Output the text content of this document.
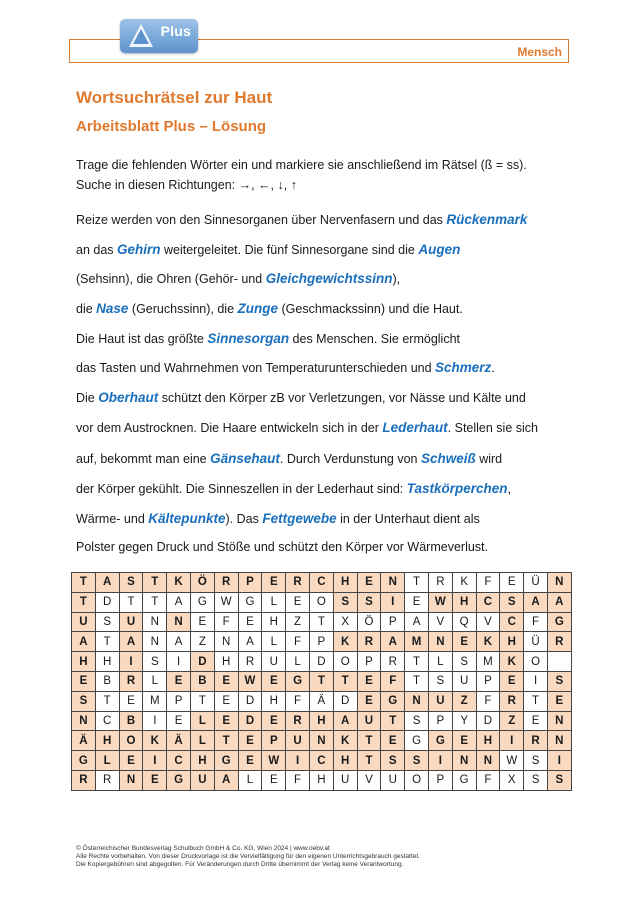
Plus
Mensch
Wortsuchrätsel zur Haut
Arbeitsblatt Plus – Lösung
Trage die fehlenden Wörter ein und markiere sie anschließend im Rätsel (ß = ss).
Suche in diesen Richtungen: →, ←, ↓, ↑
Reize werden von den Sinnesorganen über Nervenfasern und das Rückenmark
an das Gehirn weitergeleitet. Die fünf Sinnesorgane sind die Augen
(Sehsinn), die Ohren (Gehör- und Gleichgewichtssinn),
die Nase (Geruchssinn), die Zunge (Geschmackssinn) und die Haut.
Die Haut ist das größte Sinnesorgan des Menschen. Sie ermöglicht
das Tasten und Wahrnehmen von Temperaturunterschieden und Schmerz.
Die Oberhaut schützt den Körper zB vor Verletzungen, vor Nässe und Kälte und
vor dem Austrocknen. Die Haare entwickeln sich in der Lederhaut. Stellen sie sich
auf, bekommt man eine Gänsehaut. Durch Verdunstung von Schweiß wird
der Körper gekühlt. Die Sinneszellen in der Lederhaut sind: Tastkörperchen,
Wärme- und Kältepunkte). Das Fettgewebe in der Unterhaut dient als
Polster gegen Druck und Stöße und schützt den Körper vor Wärmeverlust.
T	A	S	T	K	Ö	R	P	E	R	C	H	E	N	T	R	K	F	E	Ü	N
T	D	T	T	A	G	W	G	L	E	O	S	S	I	E	W	H	C	S	A	A
U	S	U	N	N	E	F	E	H	Z	T	X	Ö	P	A	V	Q	V	C	F	G
A	T	A	N	A	Z	N	A	L	F	P	K	R	A	M	N	E	K	H	Ü	R
H	H	I	S	I	D	H	R	U	L	D	O	P	R	T	L	S	M	K	O	
E	B	R	L	E	B	E	W	E	G	T	T	E	F	T	S	U	P	E	I	S
S	T	E	M	P	T	E	D	H	F	Ä	D	E	G	N	U	Z	F	R	T	E
N	C	B	I	E	L	E	D	E	R	H	A	U	T	S	P	Y	D	Z	E	N
Ä	H	O	K	Ä	L	T	E	P	U	N	K	T	E	G	G	E	H	I	R	N
G	L	E	I	C	H	G	E	W	I	C	H	T	S	S	I	N	N	W	S	I
R	R	N	E	G	U	A	L	E	F	H	U	V	U	O	P	G	F	X	S	S
© Österreichischer Bundesverlag Schulbuch GmbH & Co. KG, Wien 2024 | www.oebv.at
Alle Rechte vorbehalten. Von dieser Druckvorlage ist die Vervielfältigung für den eigenen Unterrichtsgebrauch gestattet.
Die Kopiergebühren sind abgegolten. Für Veränderungen durch Dritte übernimmt der Verlag keine Verantwortung.
